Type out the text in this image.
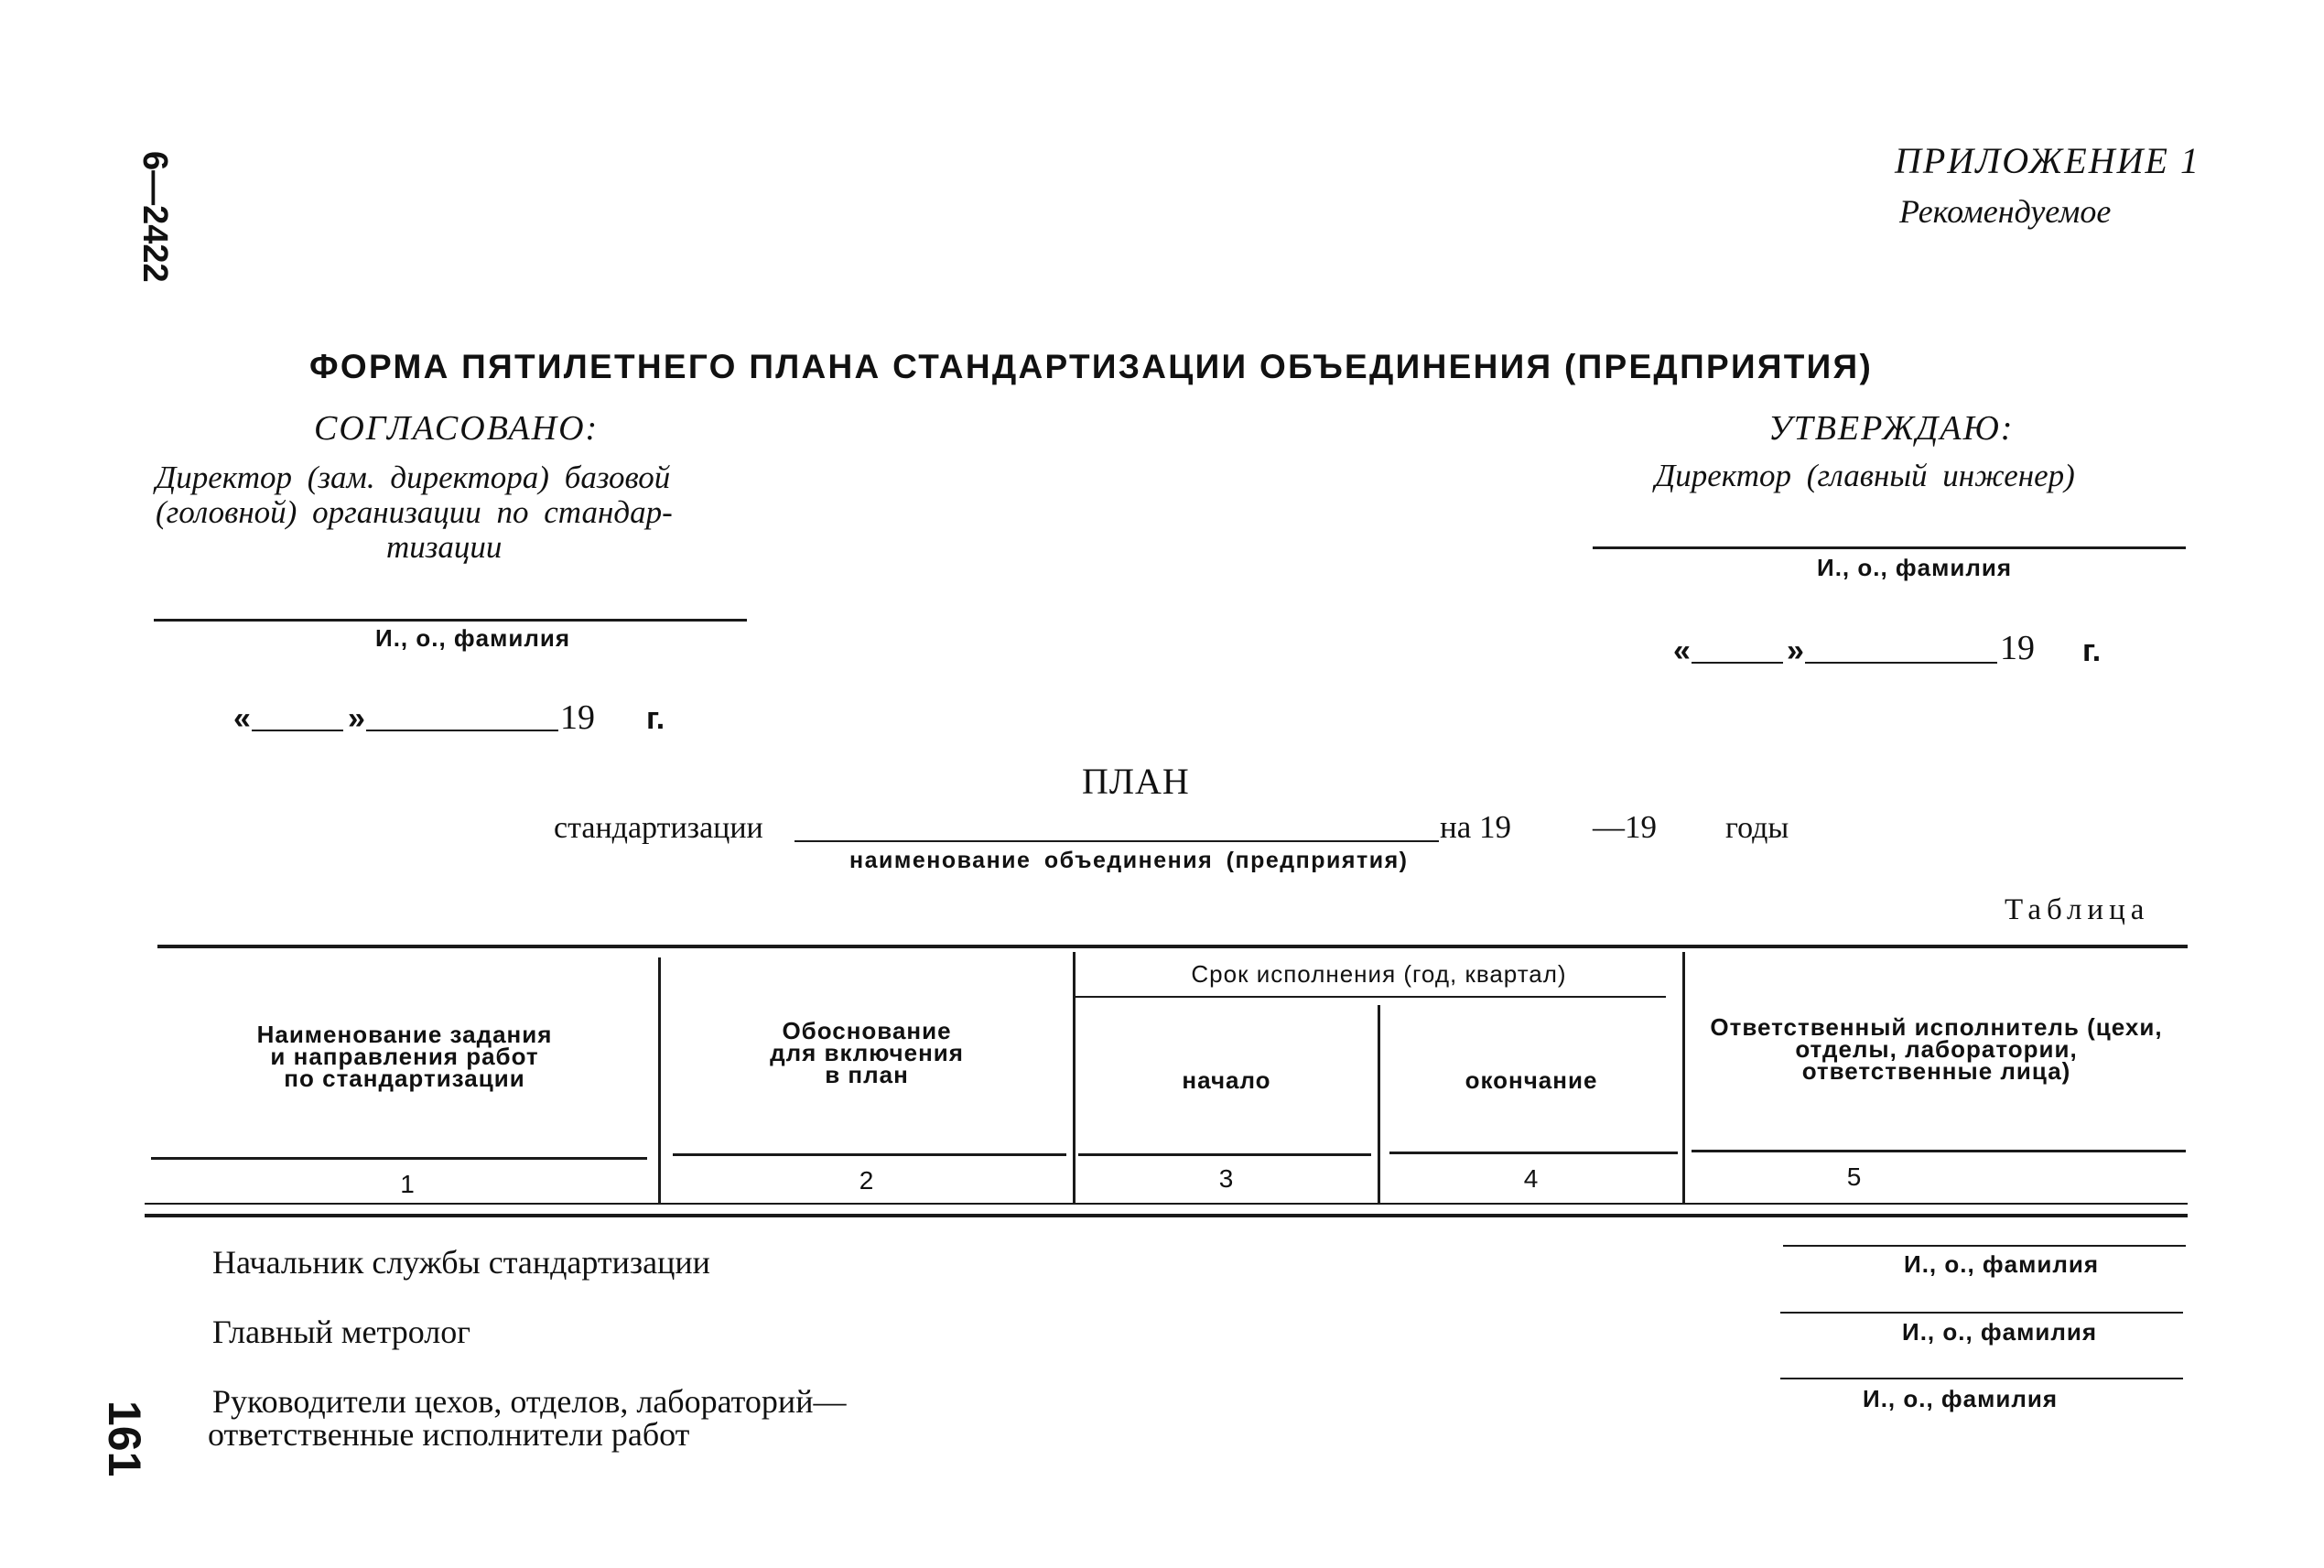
6—2422
161
ПРИЛОЖЕНИЕ 1
Рекомендуемое
ФОРМА ПЯТИЛЕТНЕГО ПЛАНА СТАНДАРТИЗАЦИИ ОБЪЕДИНЕНИЯ (ПРЕДПРИЯТИЯ)
СОГЛАСОВАНО:
Директор (зам. директора) базовой
(головной) организации по стандар-
тизации
И., о., фамилия
«	»	19 г.
УТВЕРЖДАЮ:
Директор (главный инженер)
И., о., фамилия
«	»	19 г.
ПЛАН
стандартизации	на 19	—19 годы
наименование объединения (предприятия)
Таблица
Наименование задания
и направления работ
по стандартизации
Обоснование
для включения
в план
Срок исполнения (год, квартал)
начало	окончание
Ответственный исполнитель (цехи,
отделы, лаборатории,
ответственные лица)
1	2	3	4	5
Начальник службы стандартизации	И., о., фамилия
Главный метролог	И., о., фамилия
Руководители цехов, отделов, лабораторий—
ответственные исполнители работ
И., о., фамилия
